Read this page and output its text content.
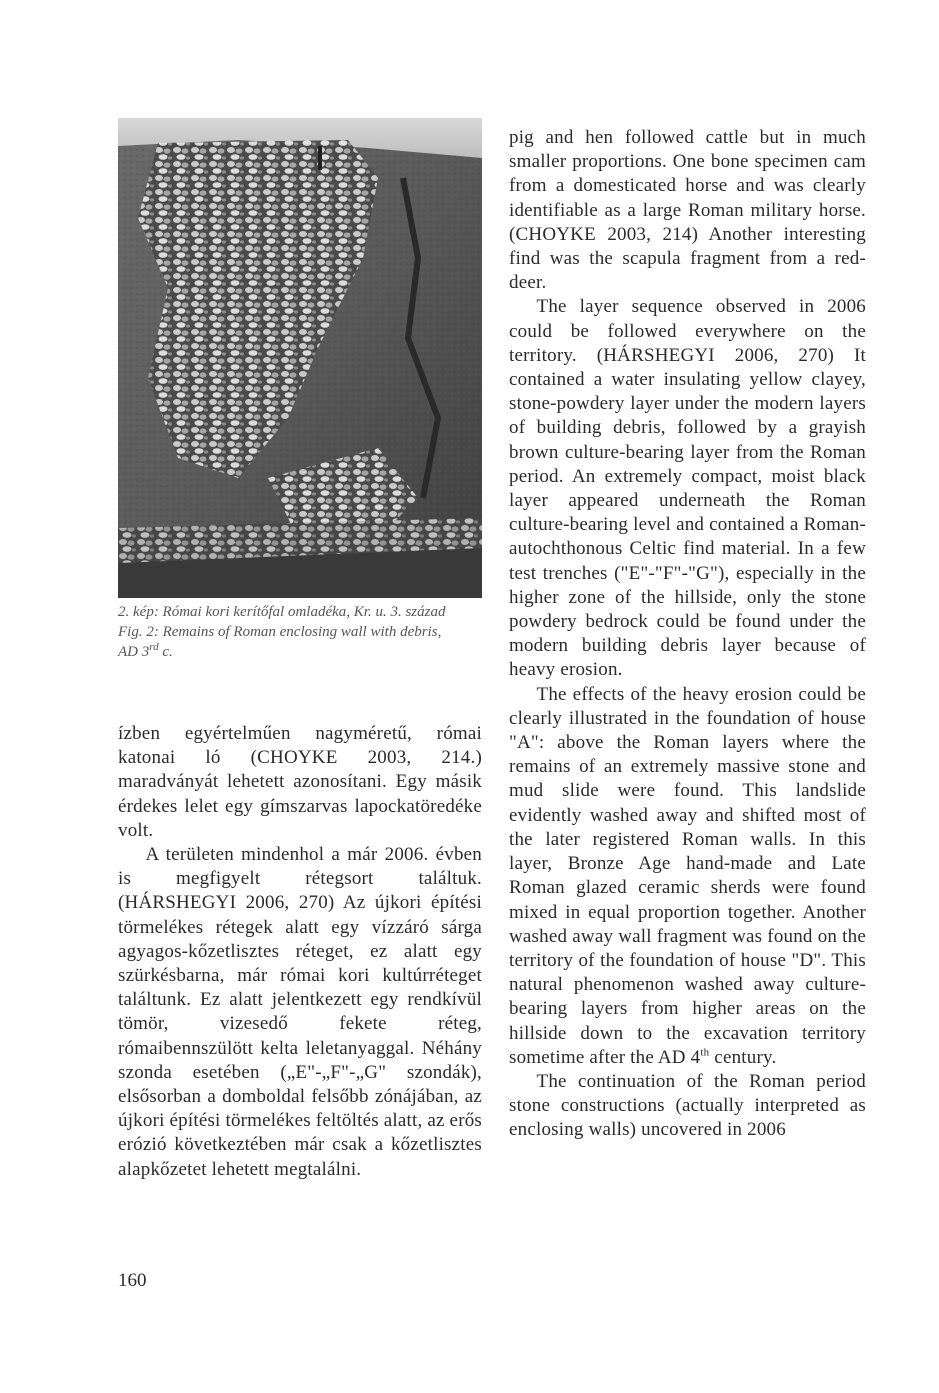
2. kép: Római kori kerítőfal omladéka, Kr. u. 3. század
Fig. 2: Remains of Roman enclosing wall with debris,
AD 3rd c.

ízben egyértelműen nagyméretű, római katonai ló (CHOYKE 2003, 214.) maradványát lehetett azonosítani. Egy másik érdekes lelet egy gímszarvas lapockatöredéke volt.

A területen mindenhol a már 2006. évben is megfigyelt rétegsort találtuk. (HÁRSHEGYI 2006, 270) Az újkori építési törmelékes rétegek alatt egy vízzáró sárga agyagos-kőzetlisztes réteget, ez alatt egy szürkésbarna, már római kori kultúrréteget találtunk. Ez alatt jelentkezett egy rendkívül tömör, vizesedő fekete réteg, rómaibennszülött kelta leletanyaggal. Néhány szonda esetében („E"-„F"-„G" szondák), elsősorban a domboldal felsőbb zónájában, az újkori építési törmelékes feltöltés alatt, az erős erózió következtében már csak a kőzetlisztes alapkőzetet lehetett megtalálni.

pig and hen followed cattle but in much smaller proportions. One bone specimen cam from a domesticated horse and was clearly identifiable as a large Roman military horse. (CHOYKE 2003, 214) Another interesting find was the scapula fragment from a red-deer.

The layer sequence observed in 2006 could be followed everywhere on the territory. (HÁRSHEGYI 2006, 270) It contained a water insulating yellow clayey, stone-powdery layer under the modern layers of building debris, followed by a grayish brown culture-bearing layer from the Roman period. An extremely compact, moist black layer appeared underneath the Roman culture-bearing level and contained a Roman-autochthonous Celtic find material. In a few test trenches ("E"-"F"-"G"), especially in the higher zone of the hillside, only the stone powdery bedrock could be found under the modern building debris layer because of heavy erosion.

The effects of the heavy erosion could be clearly illustrated in the foundation of house "A": above the Roman layers where the remains of an extremely massive stone and mud slide were found. This landslide evidently washed away and shifted most of the later registered Roman walls. In this layer, Bronze Age hand-made and Late Roman glazed ceramic sherds were found mixed in equal proportion together. Another washed away wall fragment was found on the territory of the foundation of house "D". This natural phenomenon washed away culture-bearing layers from higher areas on the hillside down to the excavation territory sometime after the AD 4th century.

The continuation of the Roman period stone constructions (actually interpreted as enclosing walls) uncovered in 2006

160
